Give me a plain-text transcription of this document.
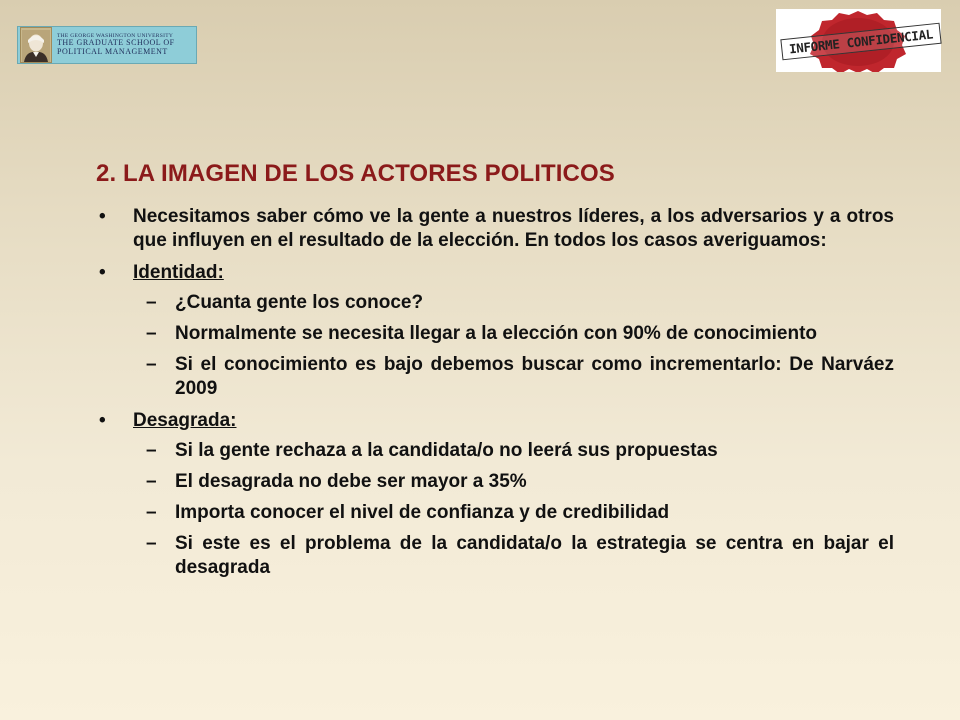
THE GEORGE WASHINGTON UNIVERSITY
THE GRADUATE SCHOOL OF
POLITICAL MANAGEMENT	INFORME CONFIDENCIAL
2. LA IMAGEN DE LOS ACTORES POLITICOS
• Necesitamos saber cómo ve la gente a nuestros líderes, a los adversarios y a otros que influyen en el resultado de la elección. En todos los casos averiguamos:
• Identidad:
– ¿Cuanta gente los conoce?
– Normalmente se necesita llegar a la elección con 90% de conocimiento
– Si el conocimiento es bajo debemos buscar como incrementarlo: De Narváez 2009
• Desagrada:
– Si la gente rechaza a la candidata/o no leerá sus propuestas
– El desagrada no debe ser mayor a 35%
– Importa conocer el nivel de confianza y de credibilidad
– Si este es el problema de la candidata/o la estrategia se centra en bajar el desagrada
